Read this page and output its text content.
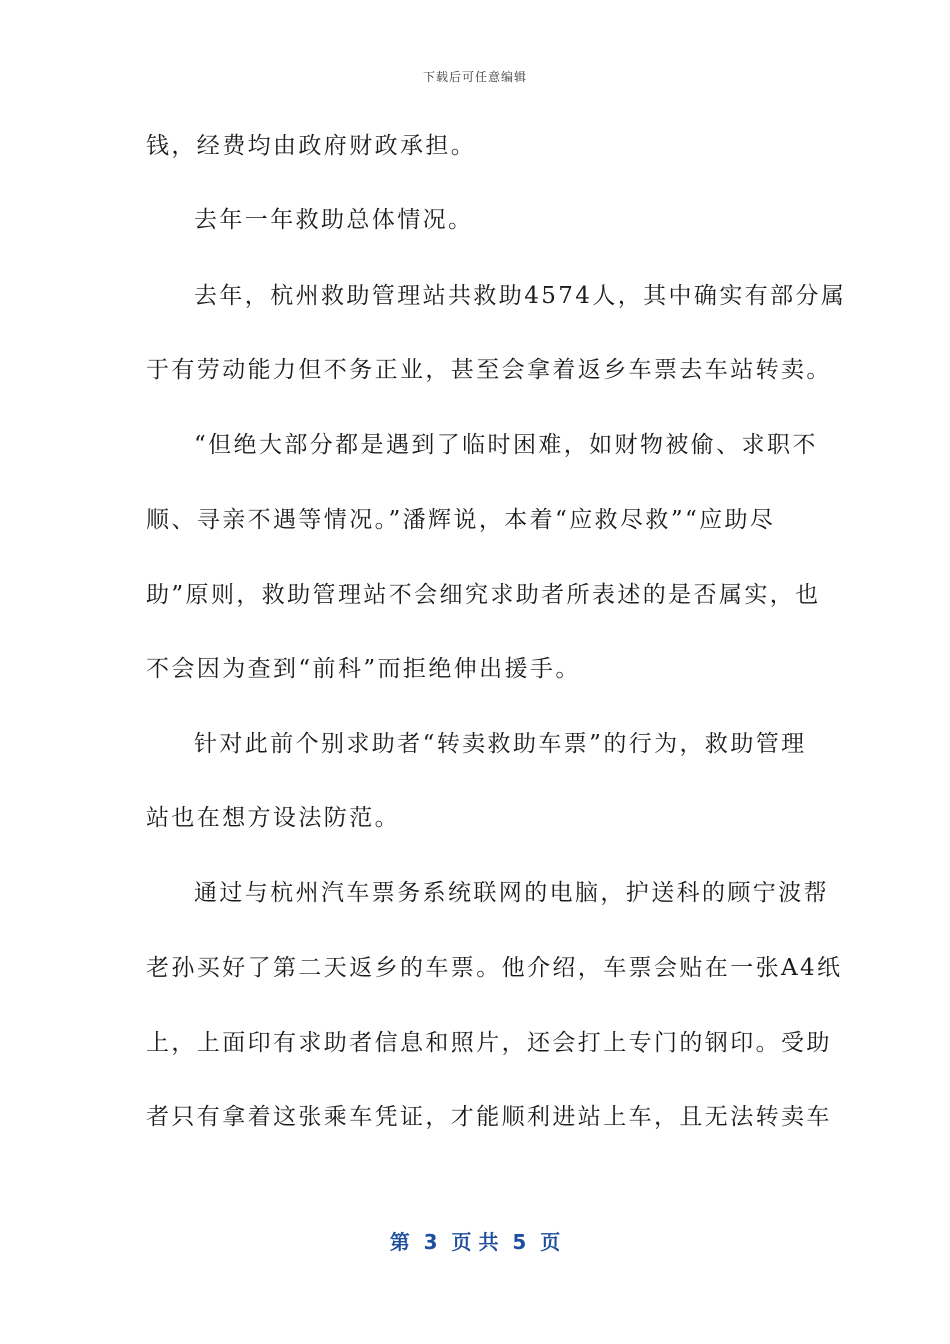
下载后可任意编辑
钱，经费均由政府财政承担。
去年一年救助总体情况。
去年，杭州救助管理站共救助4574人，其中确实有部分属
于有劳动能力但不务正业，甚至会拿着返乡车票去车站转卖。
“但绝大部分都是遇到了临时困难，如财物被偷、求职不
顺、寻亲不遇等情况。”潘辉说，本着“应救尽救”“应助尽
助”原则，救助管理站不会细究求助者所表述的是否属实，也
不会因为查到“前科”而拒绝伸出援手。
针对此前个别求助者“转卖救助车票”的行为，救助管理
站也在想方设法防范。
通过与杭州汽车票务系统联网的电脑，护送科的顾宁波帮
老孙买好了第二天返乡的车票。他介绍，车票会贴在一张A4纸
上，上面印有求助者信息和照片，还会打上专门的钢印。受助
者只有拿着这张乘车凭证，才能顺利进站上车，且无法转卖车
第  3  页 共  5  页
